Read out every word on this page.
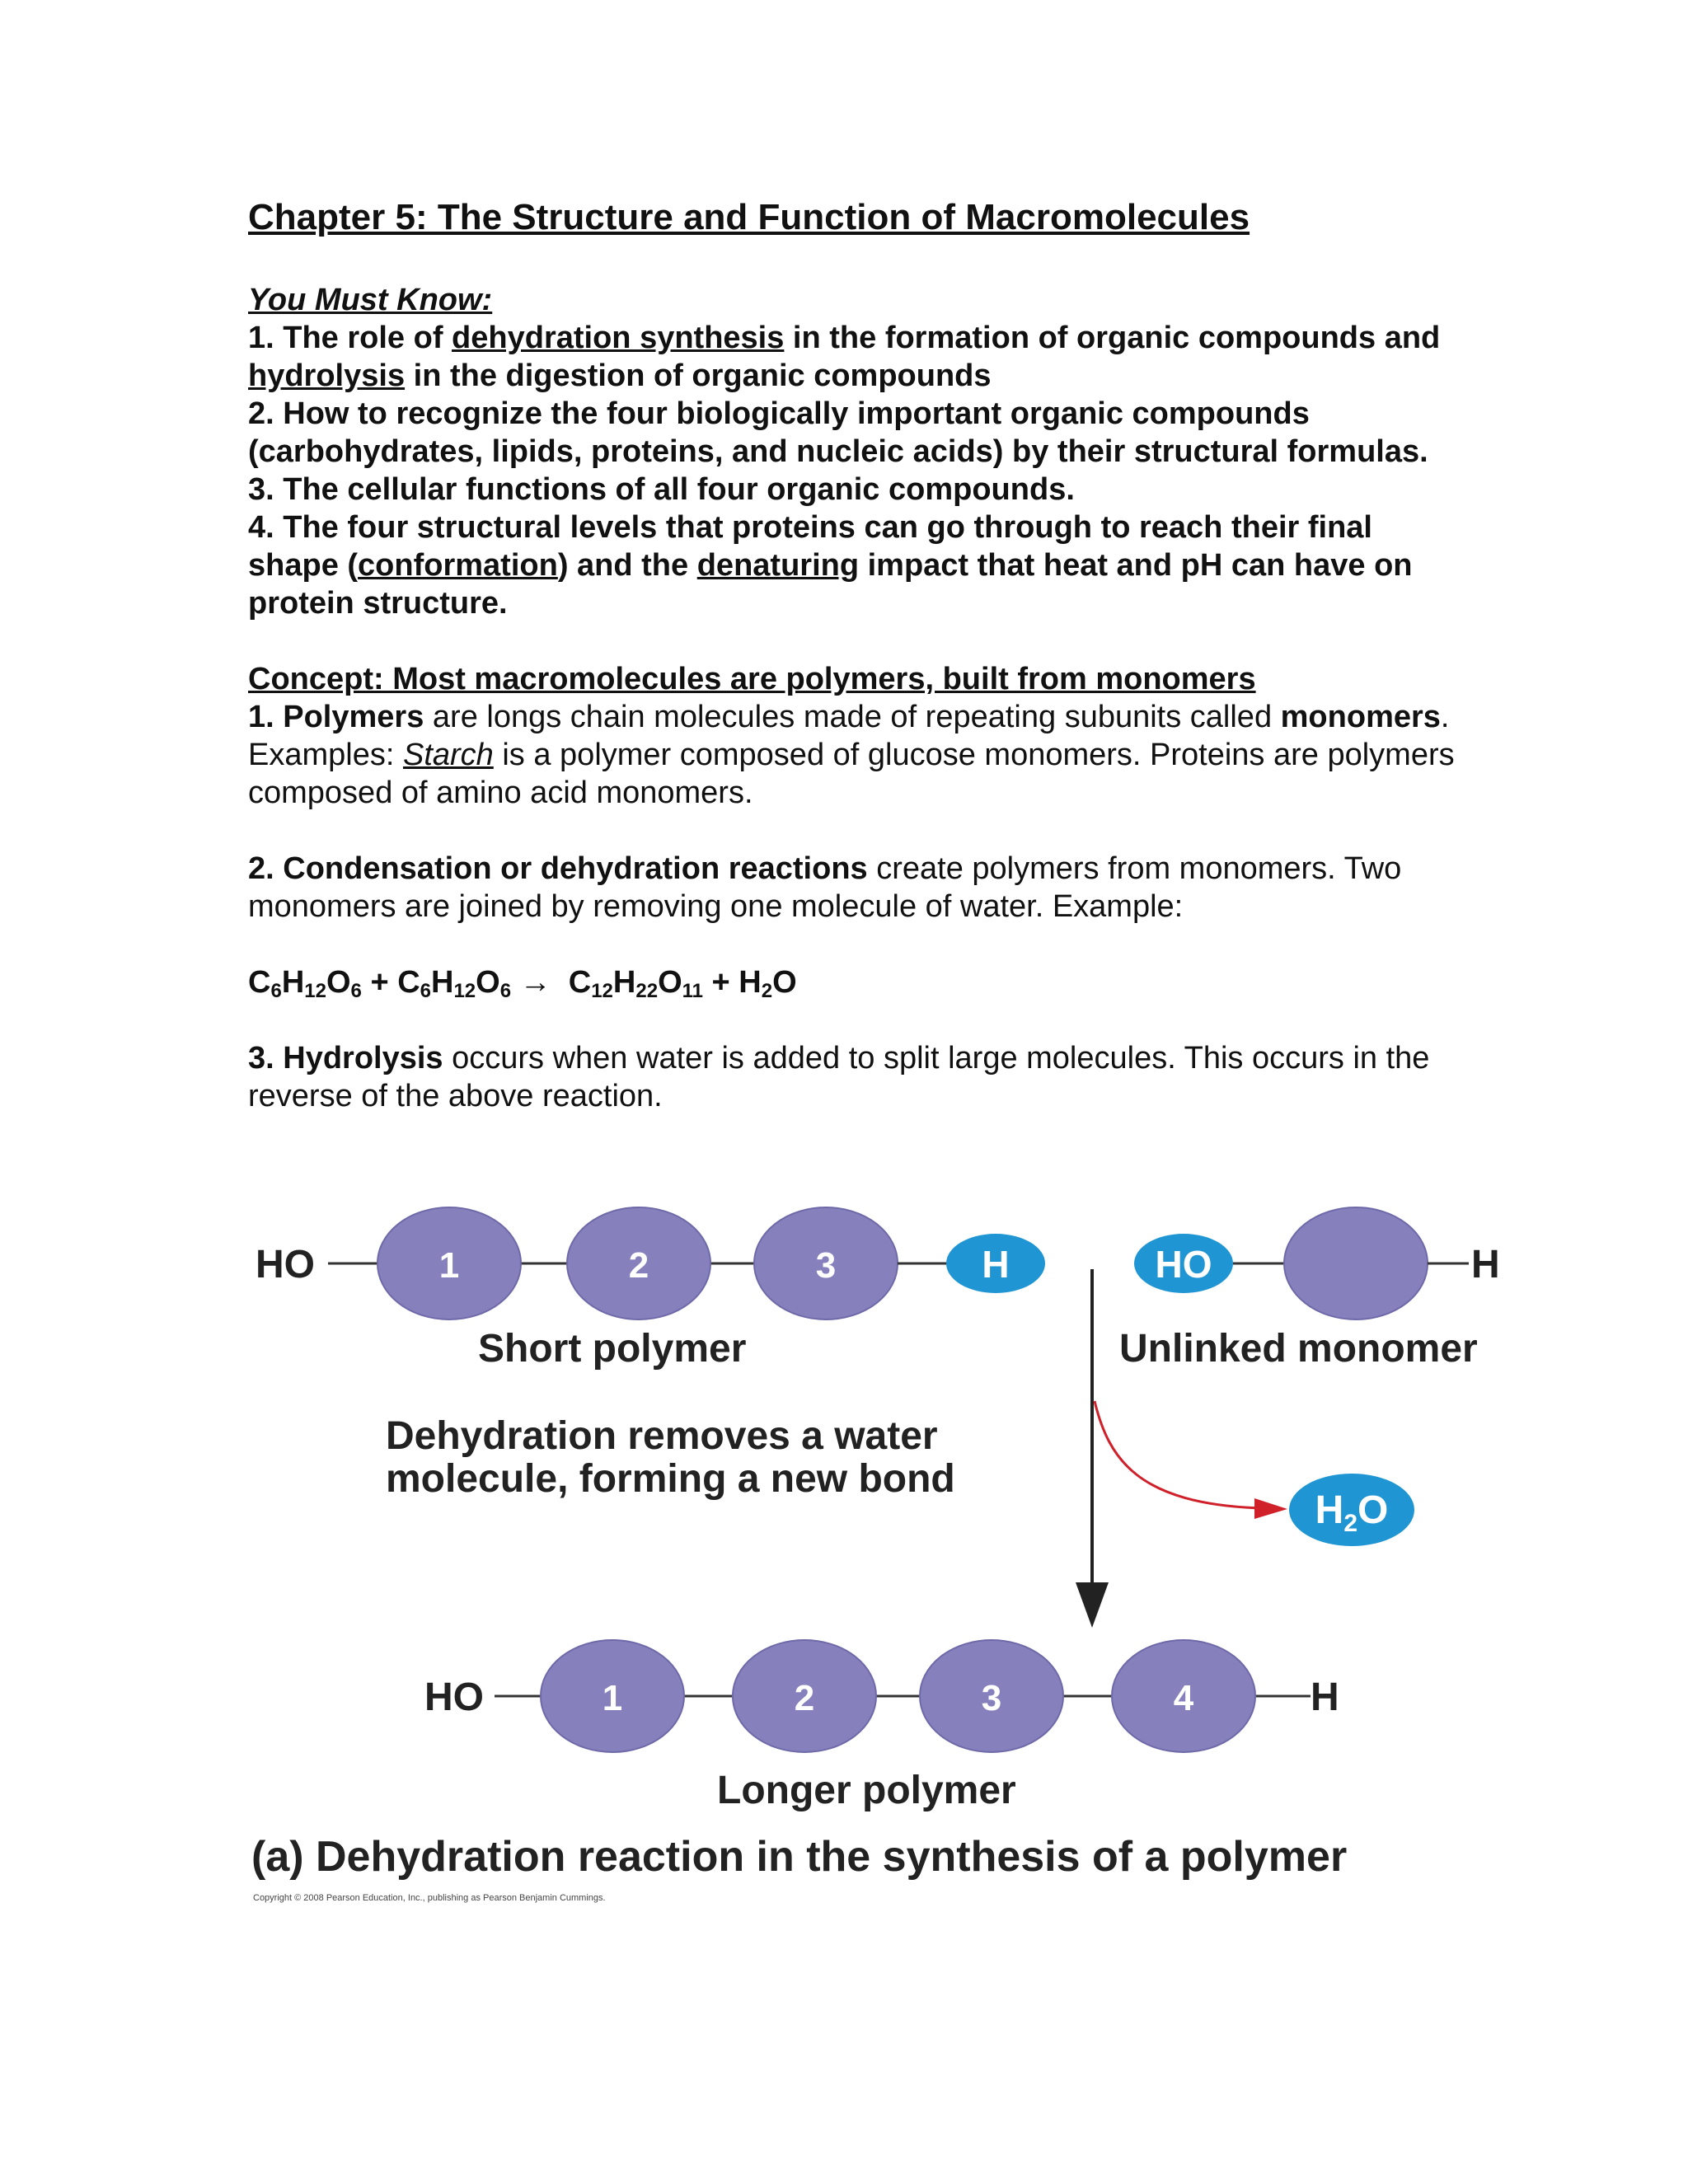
Chapter 5: The Structure and Function of Macromolecules
You Must Know:
1. The role of dehydration synthesis in the formation of organic compounds and hydrolysis in the digestion of organic compounds
2. How to recognize the four biologically important organic compounds (carbohydrates, lipids, proteins, and nucleic acids) by their structural formulas.
3. The cellular functions of all four organic compounds.
4. The four structural levels that proteins can go through to reach their final shape (conformation) and the denaturing impact that heat and pH can have on protein structure.
Concept: Most macromolecules are polymers, built from monomers
1. Polymers are longs chain molecules made of repeating subunits called monomers. Examples: Starch is a polymer composed of glucose monomers. Proteins are polymers composed of amino acid monomers.
2. Condensation or dehydration reactions create polymers from monomers. Two monomers are joined by removing one molecule of water. Example:
$C_6H_{12}O_6 + C_6H_{12}O_6 \to C_{12}H_{22}O_{11} + H_2O$
3. Hydrolysis occurs when water is added to split large molecules. This occurs in the reverse of the above reaction.
HO	1	2	3	H	HO	H
Short polymer	Unlinked monomer
Dehydration removes a water
molecule, forming a new bond
$H_2O$
HO	1	2	3	4	H
Longer polymer
(a) Dehydration reaction in the synthesis of a polymer
Copyright © 2008 Pearson Education, Inc., publishing as Pearson Benjamin Cummings.
